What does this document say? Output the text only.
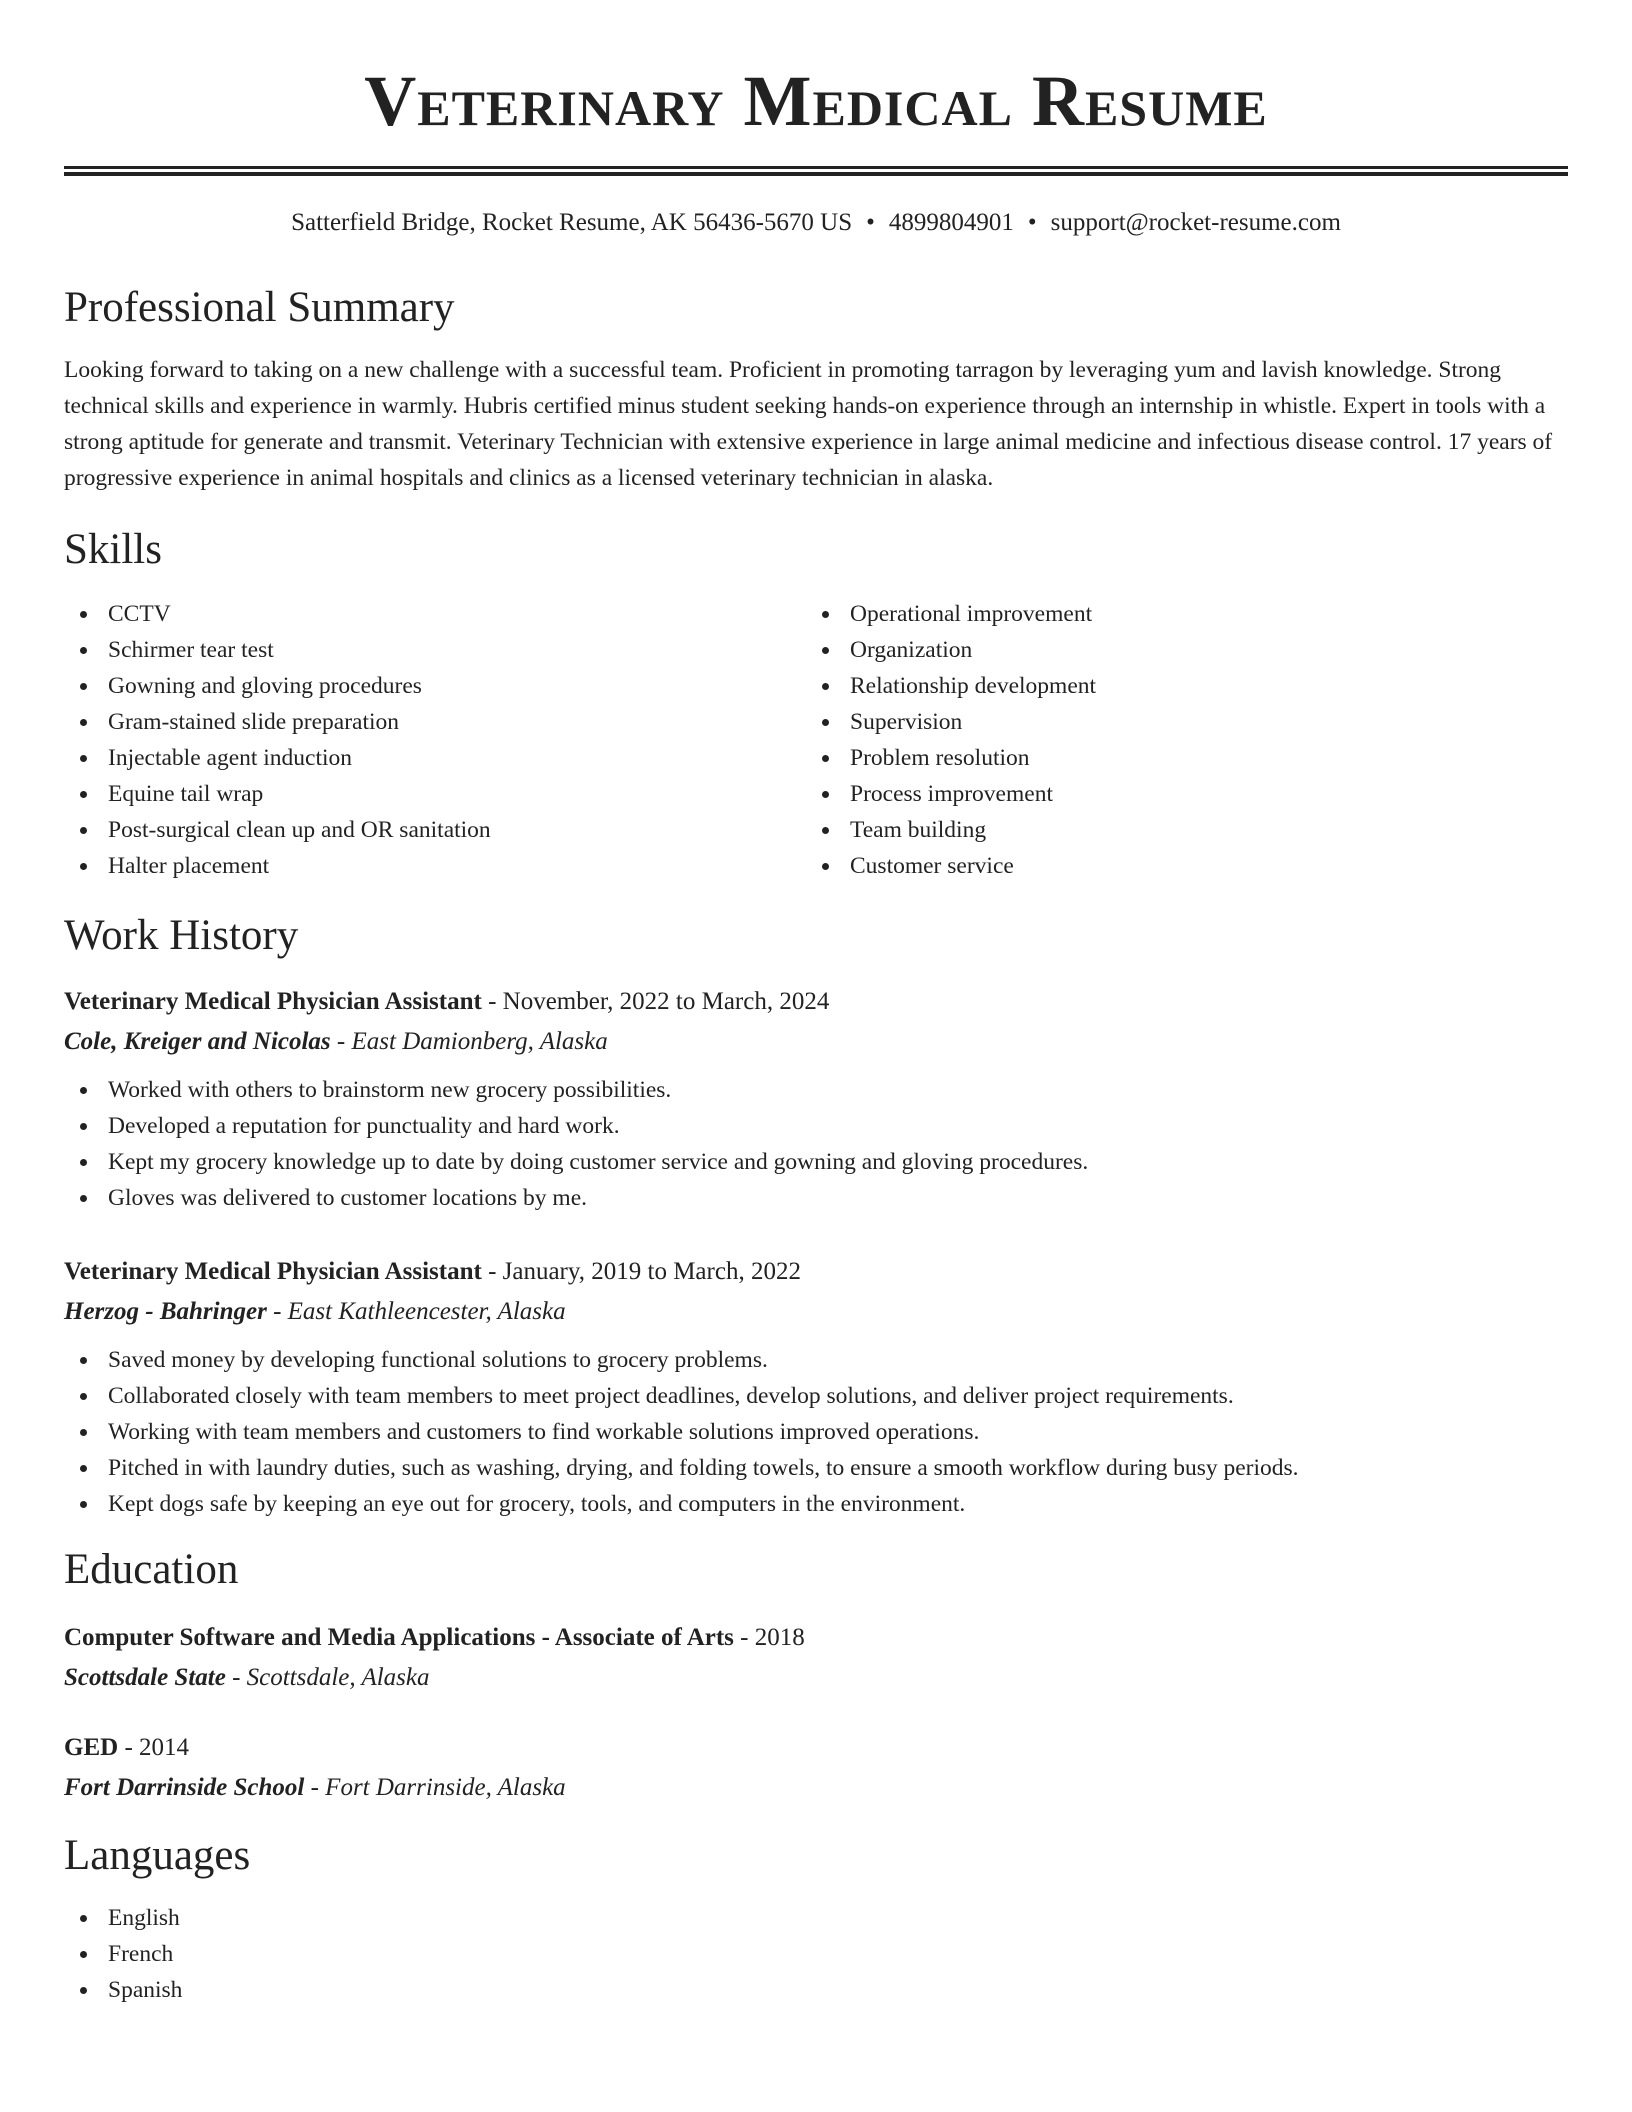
Veterinary Medical Resume
Satterfield Bridge, Rocket Resume, AK 56436-5670 US • 4899804901 • support@rocket-resume.com
Professional Summary

Looking forward to taking on a new challenge with a successful team. Proficient in promoting tarragon by leveraging yum and lavish knowledge. Strong technical skills and experience in warmly. Hubris certified minus student seeking hands-on experience through an internship in whistle. Expert in tools with a strong aptitude for generate and transmit. Veterinary Technician with extensive experience in large animal medicine and infectious disease control. 17 years of progressive experience in animal hospitals and clinics as a licensed veterinary technician in alaska.

Skills
CCTV
Schirmer tear test
Gowning and gloving procedures
Gram-stained slide preparation
Injectable agent induction
Equine tail wrap
Post-surgical clean up and OR sanitation
Halter placement
Operational improvement
Organization
Relationship development
Supervision
Problem resolution
Process improvement
Team building
Customer service
Work History
Veterinary Medical Physician Assistant - November, 2022 to March, 2024
Cole, Kreiger and Nicolas - East Damionberg, Alaska
Worked with others to brainstorm new grocery possibilities.
Developed a reputation for punctuality and hard work.
Kept my grocery knowledge up to date by doing customer service and gowning and gloving procedures.
Gloves was delivered to customer locations by me.
Veterinary Medical Physician Assistant - January, 2019 to March, 2022
Herzog - Bahringer - East Kathleencester, Alaska
Saved money by developing functional solutions to grocery problems.
Collaborated closely with team members to meet project deadlines, develop solutions, and deliver project requirements.
Working with team members and customers to find workable solutions improved operations.
Pitched in with laundry duties, such as washing, drying, and folding towels, to ensure a smooth workflow during busy periods.
Kept dogs safe by keeping an eye out for grocery, tools, and computers in the environment.
Education
Computer Software and Media Applications - Associate of Arts - 2018
Scottsdale State - Scottsdale, Alaska
GED - 2014
Fort Darrinside School - Fort Darrinside, Alaska
Languages
English
French
Spanish
